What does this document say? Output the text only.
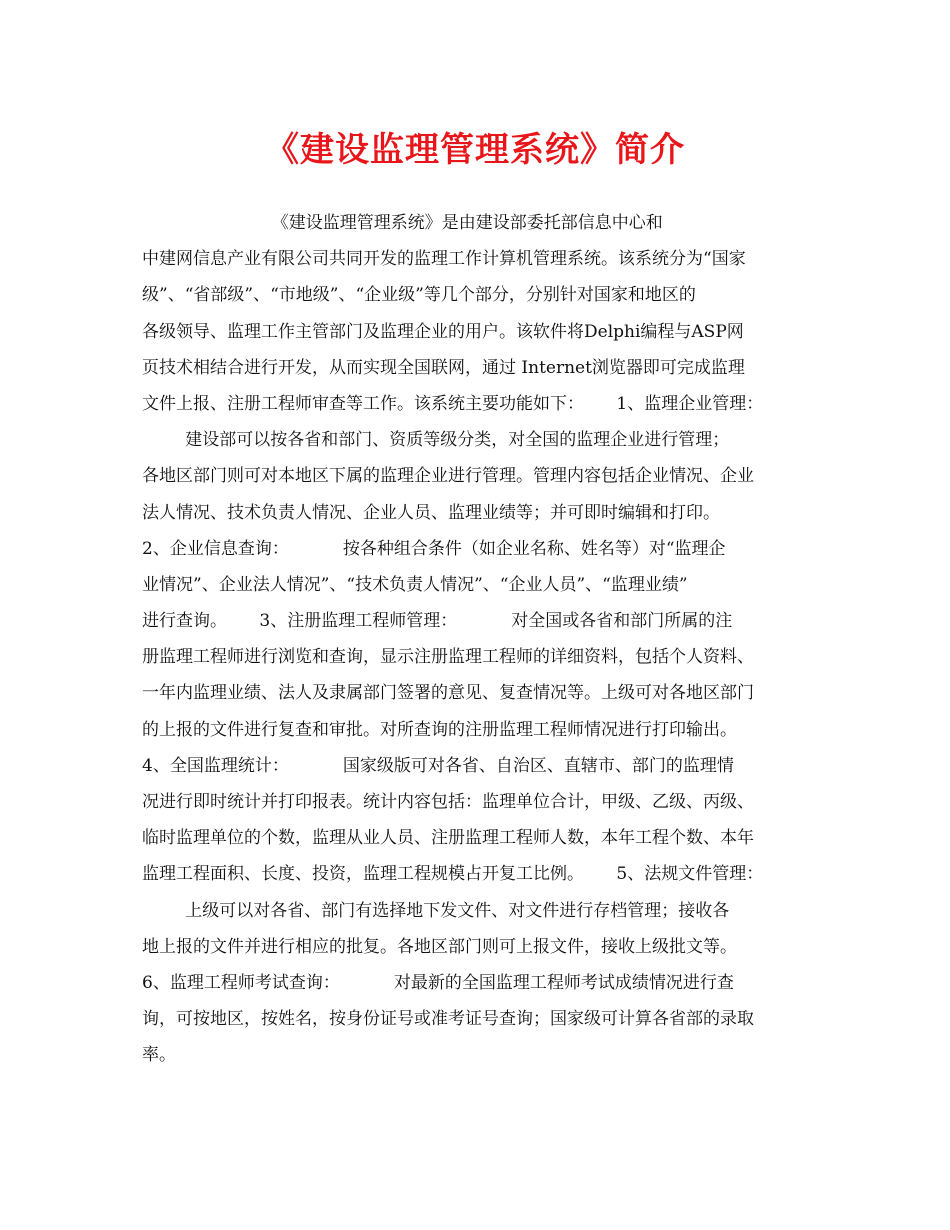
《建设监理管理系统》简介
《建设监理管理系统》是由建设部委托部信息中心和
中建网信息产业有限公司共同开发的监理工作计算机管理系统。该系统分为“国家
级”、“省部级”、“市地级”、“企业级”等几个部分，分别针对国家和地区的
各级领导、监理工作主管部门及监理企业的用户。该软件将Delphi编程与ASP网
页技术相结合进行开发，从而实现全国联网，通过 Internet浏览器即可完成监理
文件上报、注册工程师审查等工作。该系统主要功能如下：      1、监理企业管理：
建设部可以按各省和部门、资质等级分类，对全国的监理企业进行管理；
各地区部门则可对本地区下属的监理企业进行管理。管理内容包括企业情况、企业
法人情况、技术负责人情况、企业人员、监理业绩等；并可即时编辑和打印。
2、企业信息查询：          按各种组合条件（如企业名称、姓名等）对“监理企
业情况”、企业法人情况”、“技术负责人情况”、“企业人员”、“监理业绩”
进行查询。      3、注册监理工程师管理：          对全国或各省和部门所属的注
册监理工程师进行浏览和查询，显示注册监理工程师的详细资料，包括个人资料、
一年内监理业绩、法人及隶属部门签署的意见、复查情况等。上级可对各地区部门
的上报的文件进行复查和审批。对所查询的注册监理工程师情况进行打印输出。
4、全国监理统计：          国家级版可对各省、自治区、直辖市、部门的监理情
况进行即时统计并打印报表。统计内容包括：监理单位合计，甲级、乙级、丙级、
临时监理单位的个数，监理从业人员、注册监理工程师人数，本年工程个数、本年
监理工程面积、长度、投资，监理工程规模占开复工比例。      5、法规文件管理：
上级可以对各省、部门有选择地下发文件、对文件进行存档管理；接收各
地上报的文件并进行相应的批复。各地区部门则可上报文件，接收上级批文等。
6、监理工程师考试查询：          对最新的全国监理工程师考试成绩情况进行查
询，可按地区，按姓名，按身份证号或准考证号查询；国家级可计算各省部的录取
率。
